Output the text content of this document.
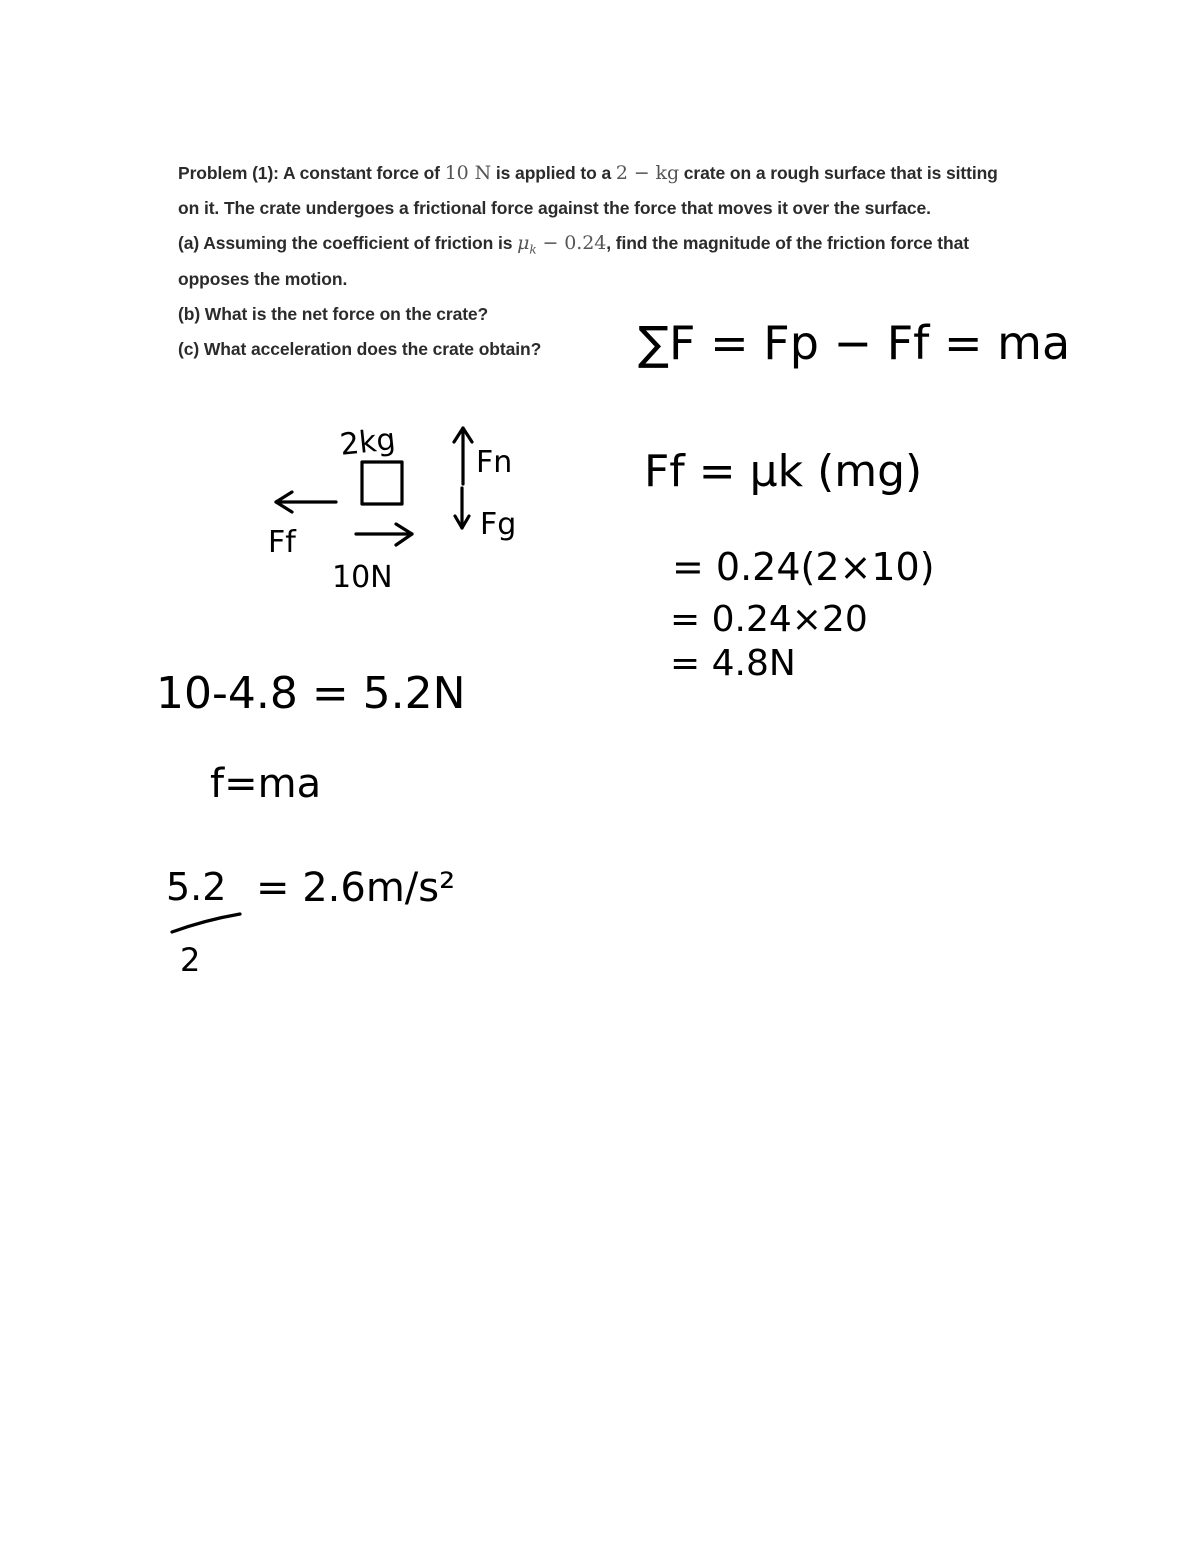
Problem (1): A constant force of 10 N is applied to a 2 − kg crate on a rough surface that is sitting
on it. The crate undergoes a frictional force against the force that moves it over the surface.
(a) Assuming the coefficient of friction is $\mu_k - 0.24$, find the magnitude of the friction force that
opposes the motion.
(b) What is the net force on the crate?
(c) What acceleration does the crate obtain?	∑F = Fp − Ff = ma
2kg	Fn
Fg
Ff
10N
Ff = μk (mg)
= 0.24(2×10)
= 0.24×20
= 4.8N
10-4.8 = 5.2N
f=ma
5.2
2
= 2.6m/s²
